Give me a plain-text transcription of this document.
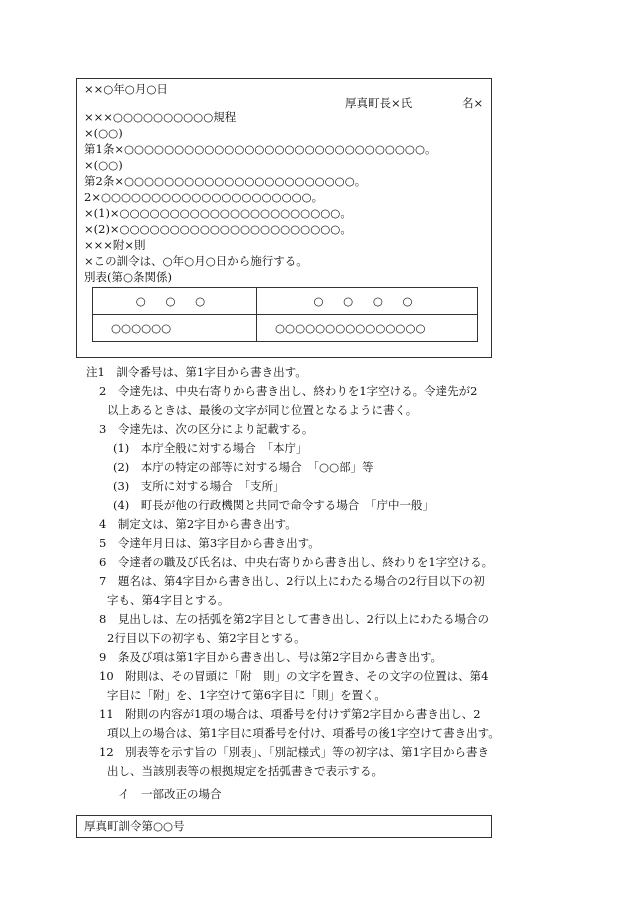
××○年○月○日
厚真町長×氏	名×
×××○○○○○○○○○○規程
×(○○)
第1条×○○○○○○○○○○○○○○○○○○○○○○○○○○○○○○。
×(○○)
第2条×○○○○○○○○○○○○○○○○○○○○○○○。
2×○○○○○○○○○○○○○○○○○○○○○。
×(1)×○○○○○○○○○○○○○○○○○○○○○○。
×(2)×○○○○○○○○○○○○○○○○○○○○○○。
×××附×則
×この訓令は、○年○月○日から施行する。
別表(第○条関係)
○ ○ ○	○ ○ ○ ○
○○○○○○	○○○○○○○○○○○○○○○
注1　訓令番号は、第1字目から書き出す。
2　令達先は、中央右寄りから書き出し、終わりを1字空ける。令達先が2
以上あるときは、最後の文字が同じ位置となるように書く。
3　令達先は、次の区分により記載する。
(1)　本庁全般に対する場合　「本庁」
(2)　本庁の特定の部等に対する場合　「○○部」等
(3)　支所に対する場合　「支所」
(4)　町長が他の行政機関と共同で命令する場合　「庁中一般」
4　制定文は、第2字目から書き出す。
5　令達年月日は、第3字目から書き出す。
6　令達者の職及び氏名は、中央右寄りから書き出し、終わりを1字空ける。
7　題名は、第4字目から書き出し、2行以上にわたる場合の2行目以下の初
字も、第4字目とする。
8　見出しは、左の括弧を第2字目として書き出し、2行以上にわたる場合の
2行目以下の初字も、第2字目とする。
9　条及び項は第1字目から書き出し、号は第2字目から書き出す。
10　附則は、その冒頭に「附　則」の文字を置き、その文字の位置は、第4
字目に「附」を、1字空けて第6字目に「則」を置く。
11　附則の内容が1項の場合は、項番号を付けず第2字目から書き出し、2
項以上の場合は、第1字目に項番号を付け、項番号の後1字空けて書き出す。
12　別表等を示す旨の「別表」、「別記様式」等の初字は、第1字目から書き
出し、当該別表等の根拠規定を括弧書きで表示する。
イ　一部改正の場合
厚真町訓令第○○号
